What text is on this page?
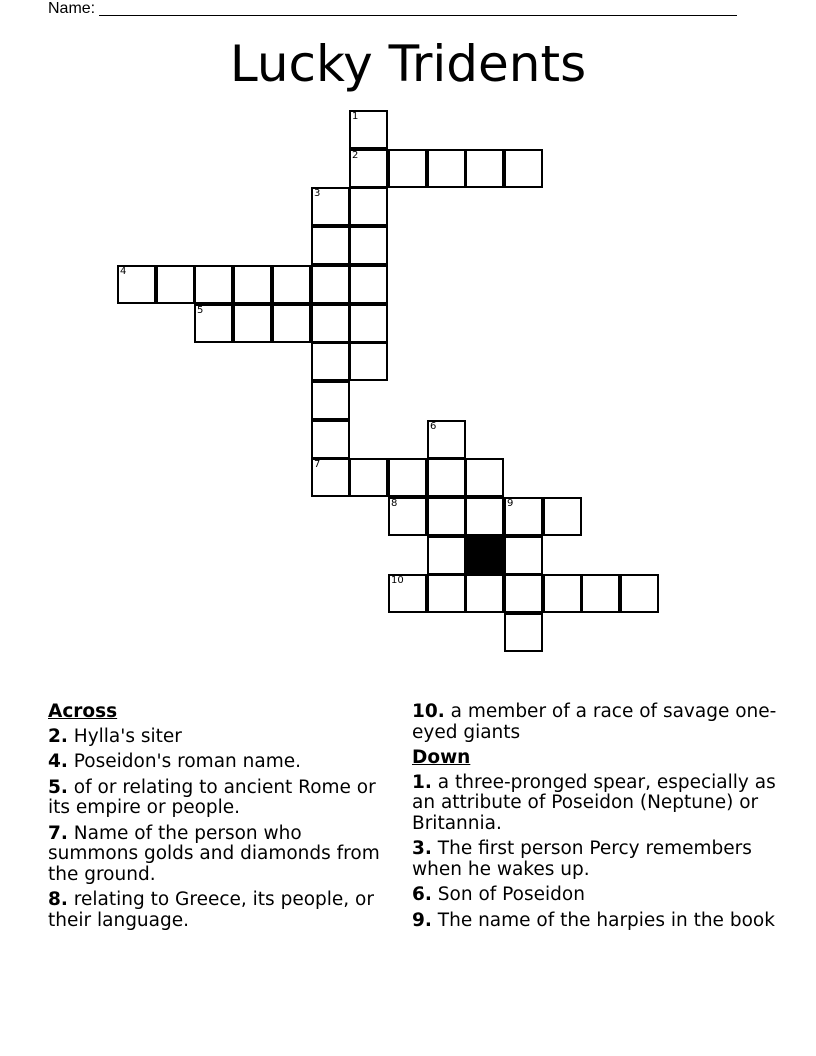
Name:
Lucky Tridents
1
2
3
4
5
6
7
8	9
10
Across
2. Hylla's siter
4. Poseidon's roman name.
5. of or relating to ancient Rome or its empire or people.
7. Name of the person who summons golds and diamonds from the ground.
8. relating to Greece, its people, or their language.
10. a member of a race of savage one-eyed giants
Down
1. a three-pronged spear, especially as an attribute of Poseidon (Neptune) or Britannia.
3. The first person Percy remembers when he wakes up.
6. Son of Poseidon
9. The name of the harpies in the book
